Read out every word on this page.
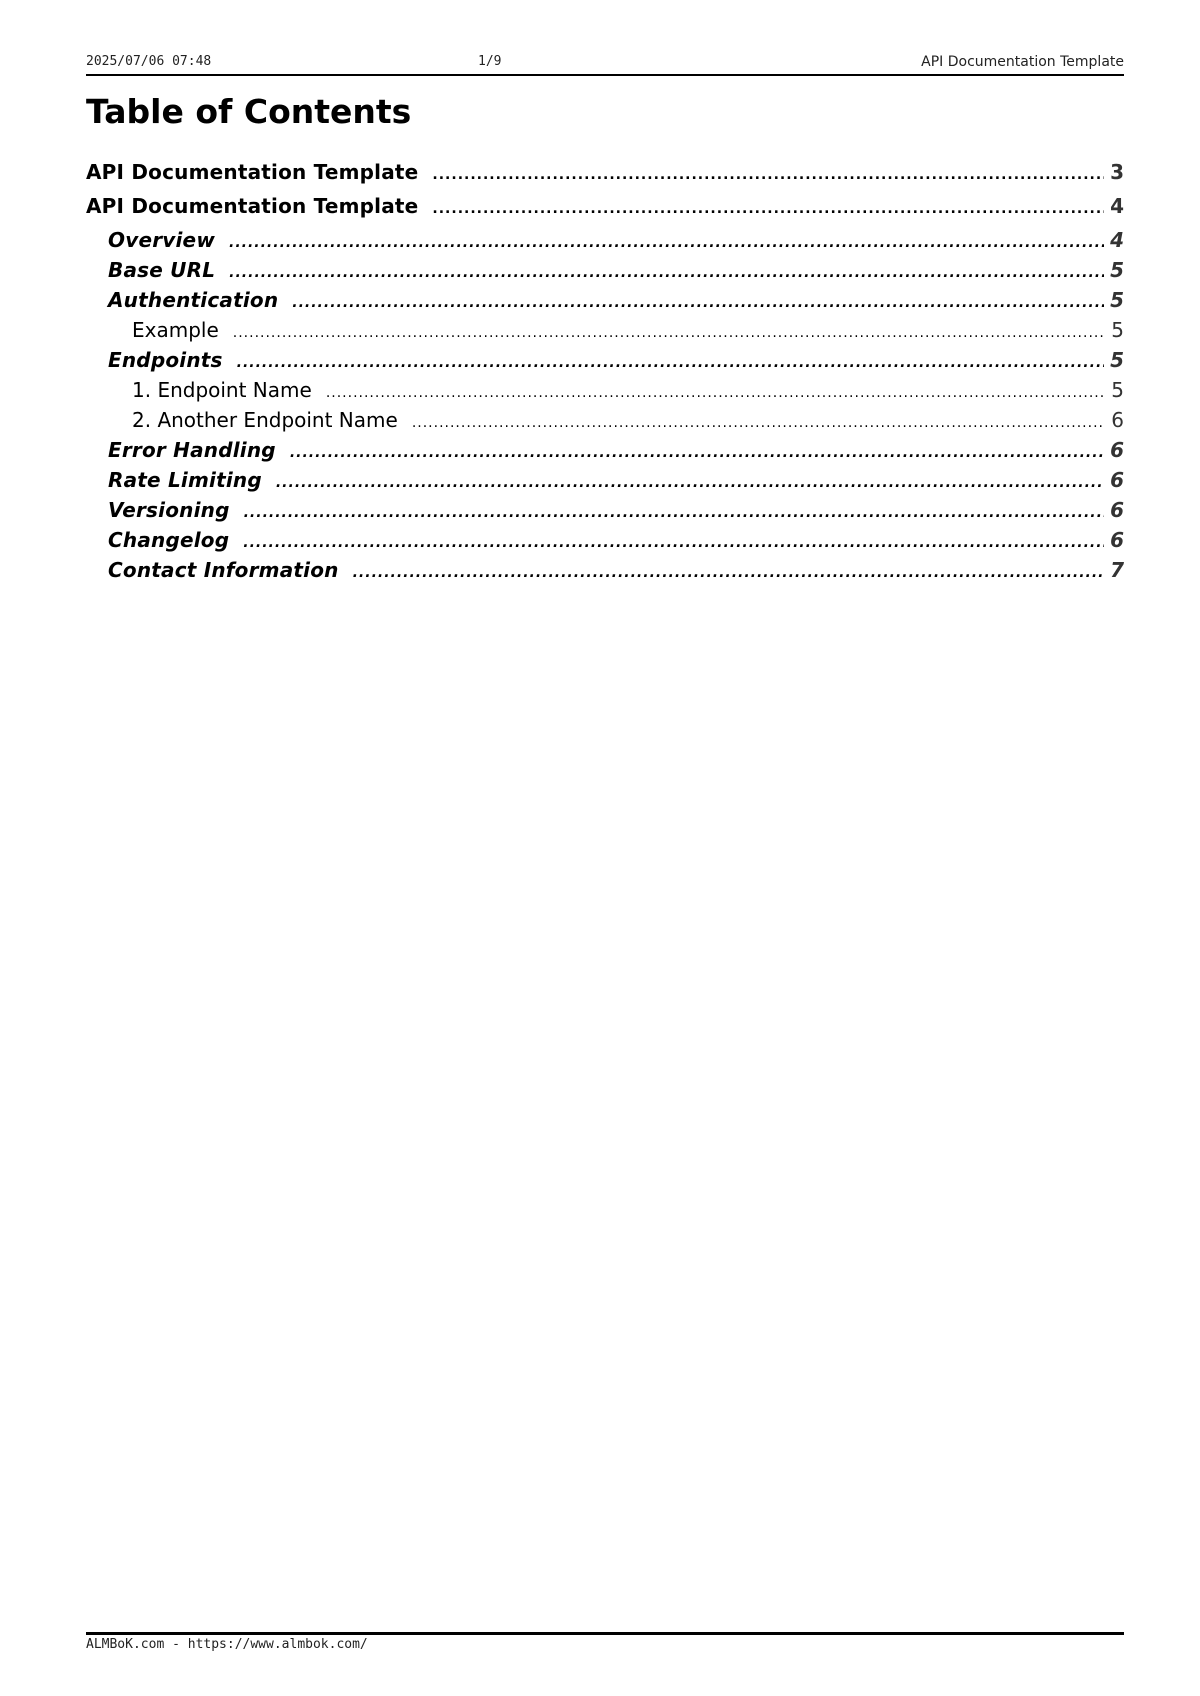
2025/07/06 07:48	1/9	API Documentation Template
Table of Contents
API Documentation Template .....	3
API Documentation Template .....	4
Overview .....	4
Base URL .....	5
Authentication .....	5
Example .....	5
Endpoints .....	5
1. Endpoint Name .....	5
2. Another Endpoint Name .....	6
Error Handling .....	6
Rate Limiting .....	6
Versioning .....	6
Changelog .....	6
Contact Information .....	7
ALMBoK.com - https://www.almbok.com/
